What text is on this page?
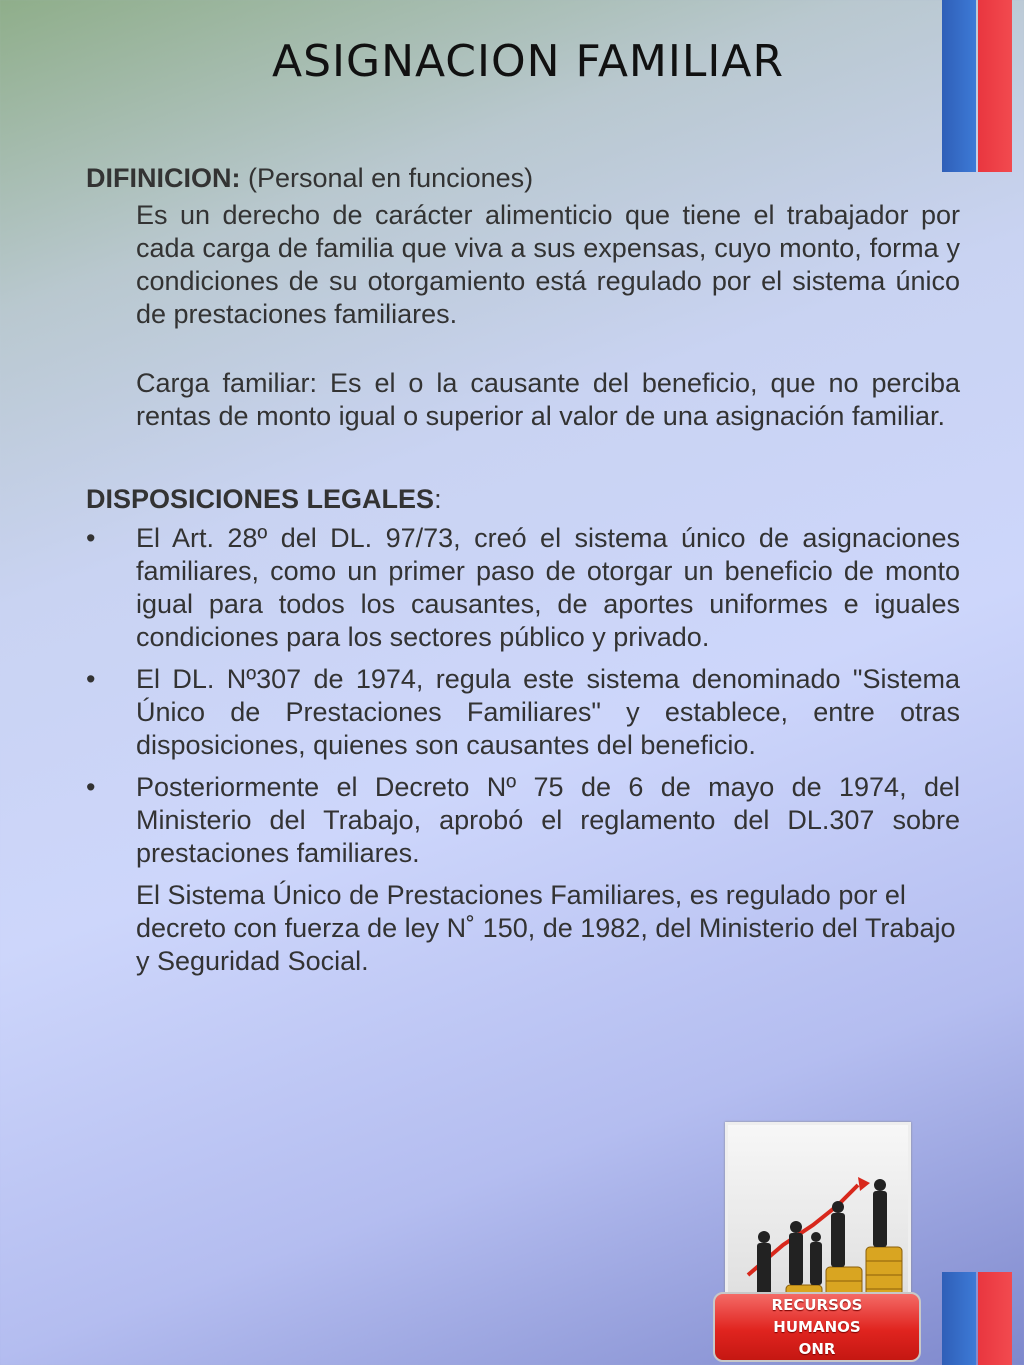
ASIGNACION FAMILIAR

DIFINICION: (Personal en funciones)

Es un derecho de carácter alimenticio que tiene el trabajador por cada carga de familia que viva a sus expensas, cuyo monto, forma y condiciones de su otorgamiento está regulado por el sistema único de prestaciones familiares.

Carga familiar: Es el o la causante del beneficio, que no perciba rentas de monto igual o superior al valor de una asignación familiar.

DISPOSICIONES LEGALES:

• El Art. 28º del DL. 97/73, creó el sistema único de asignaciones familiares, como un primer paso de otorgar un beneficio de monto igual para todos los causantes, de aportes uniformes e iguales condiciones para los sectores público y privado.
• El DL. Nº307 de 1974, regula este sistema denominado "Sistema Único de Prestaciones Familiares" y establece, entre otras disposiciones, quienes son causantes del beneficio.
• Posteriormente el Decreto Nº 75 de 6 de mayo de 1974, del Ministerio del Trabajo, aprobó el reglamento del DL.307 sobre prestaciones familiares.

El Sistema Único de Prestaciones Familiares, es regulado por el decreto con fuerza de ley N˚ 150, de 1982, del Ministerio del Trabajo y Seguridad Social.

RECURSOS
HUMANOS
ONR
